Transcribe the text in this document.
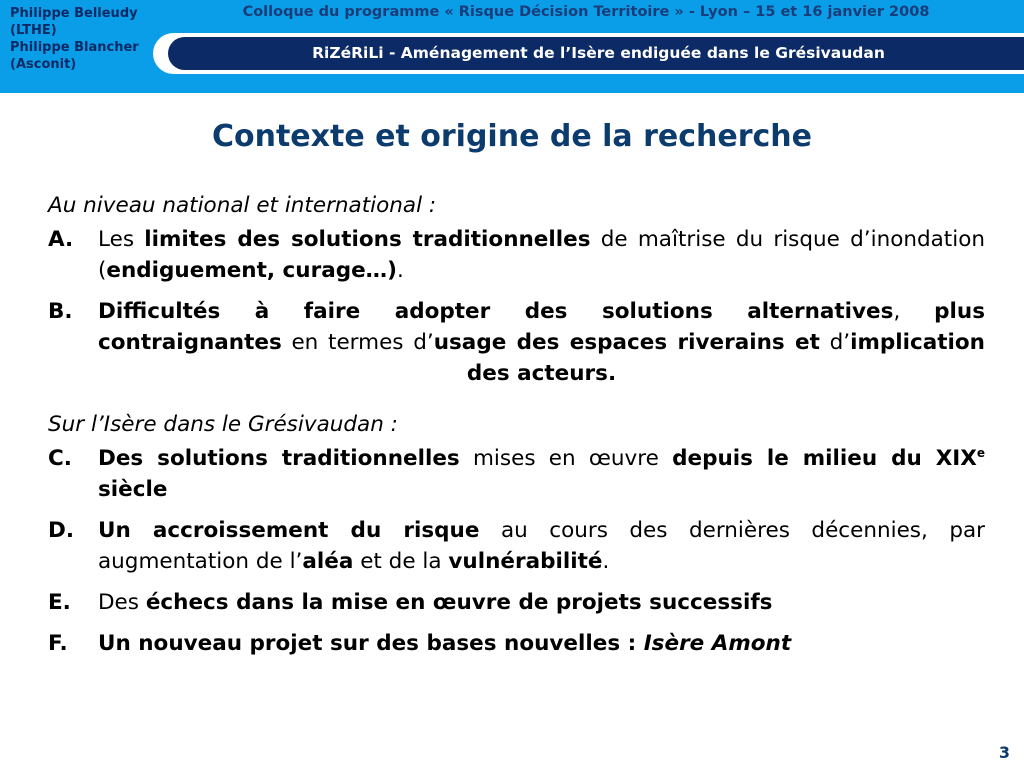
Philippe Belleudy
(LTHE)
Philippe Blancher
(Asconit)
Colloque du programme « Risque Décision Territoire » - Lyon – 15 et 16 janvier 2008
RiZéRiLi - Aménagement de l’Isère endiguée dans le Grésivaudan
Contexte et origine de la recherche
Au niveau national et international :
A.	Les limites des solutions traditionnelles de maîtrise du risque d’inondation (endiguement, curage…).
B.	Difficultés à faire adopter des solutions alternatives, plus contraignantes en termes d’usage des espaces riverains et d’implication des acteurs.
Sur l’Isère dans le Grésivaudan :
C.	Des solutions traditionnelles mises en œuvre depuis le milieu du XIXe siècle
D.	Un accroissement du risque au cours des dernières décennies, par augmentation de l’aléa et de la vulnérabilité.
E.	Des échecs dans la mise en œuvre de projets successifs
F.	Un nouveau projet sur des bases nouvelles : Isère Amont
3
